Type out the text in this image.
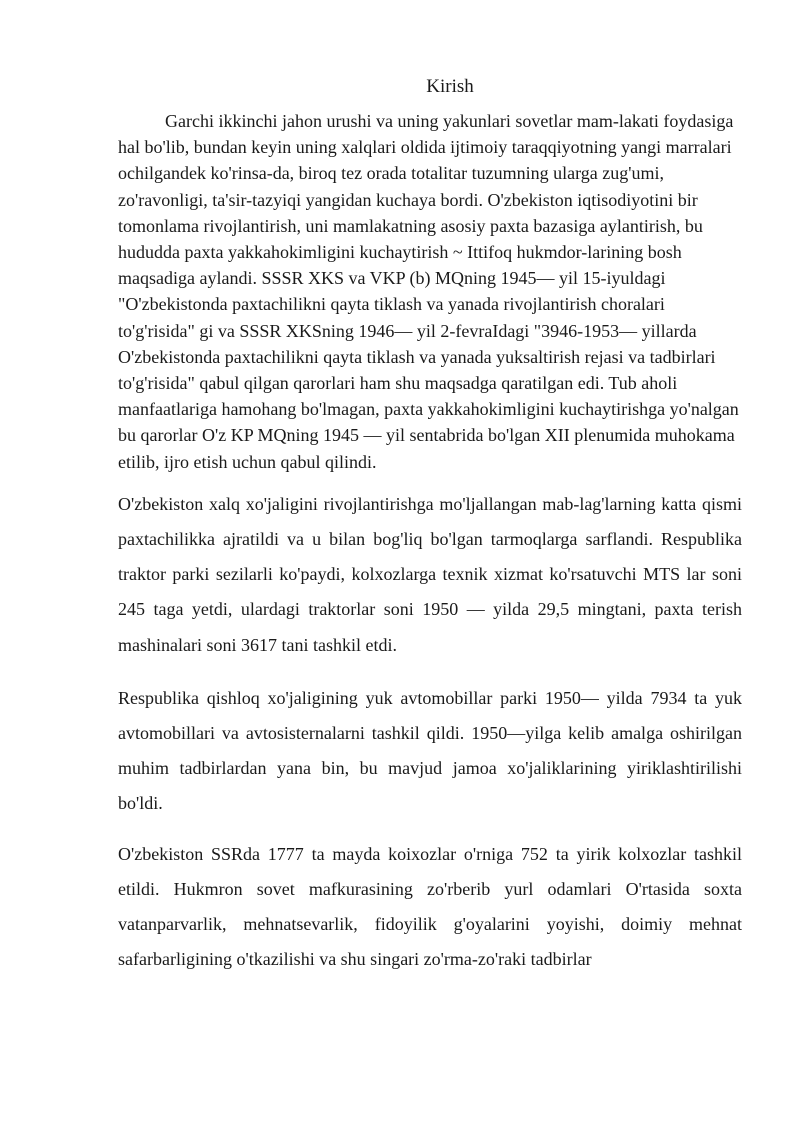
Kirish

Garchi ikkinchi jahon urushi va uning yakunlari sovetlar mam-lakati foydasiga hal bo'lib, bundan keyin uning xalqlari oldida ijtimoiy taraqqiyotning yangi marralari ochilgandek ko'rinsa-da, biroq tez orada totalitar tuzumning ularga zug'umi, zo'ravonligi, ta'sir-tazyiqi yangidan kuchaya bordi. O'zbekiston iqtisodiyotini bir tomonlama rivojlantirish, uni mamlakatning asosiy paxta bazasiga aylantirish, bu hududda paxta yakkahokimligini kuchaytirish ~ Ittifoq hukmdor-larining bosh maqsadiga aylandi. SSSR XKS va VKP (b) MQning 1945— yil 15-iyuldagi "O'zbekistonda paxtachilikni qayta tiklash va yanada rivojlantirish choralari to'g'risida" gi va SSSR XKSning 1946— yil 2-fevraIdagi "3946-1953— yillarda O'zbekistonda paxtachilikni qayta tiklash va yanada yuksaltirish rejasi va tadbirlari to'g'risida" qabul qilgan qarorlari ham shu maqsadga qaratilgan edi. Tub aholi manfaatlariga hamohang bo'lmagan, paxta yakkahokimligini kuchaytirishga yo'nalgan bu qarorlar O'z KP MQning 1945 — yil sentabrida bo'lgan XII plenumida muhokama etilib, ijro etish uchun qabul qilindi.

O'zbekiston xalq xo'jaligini rivojlantirishga mo'ljallangan mab-lag'larning katta qismi paxtachilikka ajratildi va u bilan bog'liq bo'lgan tarmoqlarga sarflandi. Respublika traktor parki sezilarli ko'paydi, kolxozlarga texnik xizmat ko'rsatuvchi MTS lar soni 245 taga yetdi, ulardagi traktorlar soni 1950 — yilda 29,5 mingtani, paxta terish mashinalari soni 3617 tani tashkil etdi.

Respublika qishloq xo'jaligining yuk avtomobillar parki 1950— yilda 7934 ta yuk avtomobillari va avtosisternalarni tashkil qildi. 1950—yilga kelib amalga oshirilgan muhim tadbirlardan yana bin, bu mavjud jamoa xo'jaliklarining yiriklashtirilishi bo'ldi.

O'zbekiston SSRda 1777 ta mayda koixozlar o'rniga 752 ta yirik kolxozlar tashkil etildi. Hukmron sovet mafkurasining zo'rberib yurl odamlari O'rtasida soxta vatanparvarlik, mehnatsevarlik, fidoyilik g'oyalarini yoyishi, doimiy mehnat safarbarligining o'tkazilishi va shu singari zo'rma-zo'raki tadbirlar
